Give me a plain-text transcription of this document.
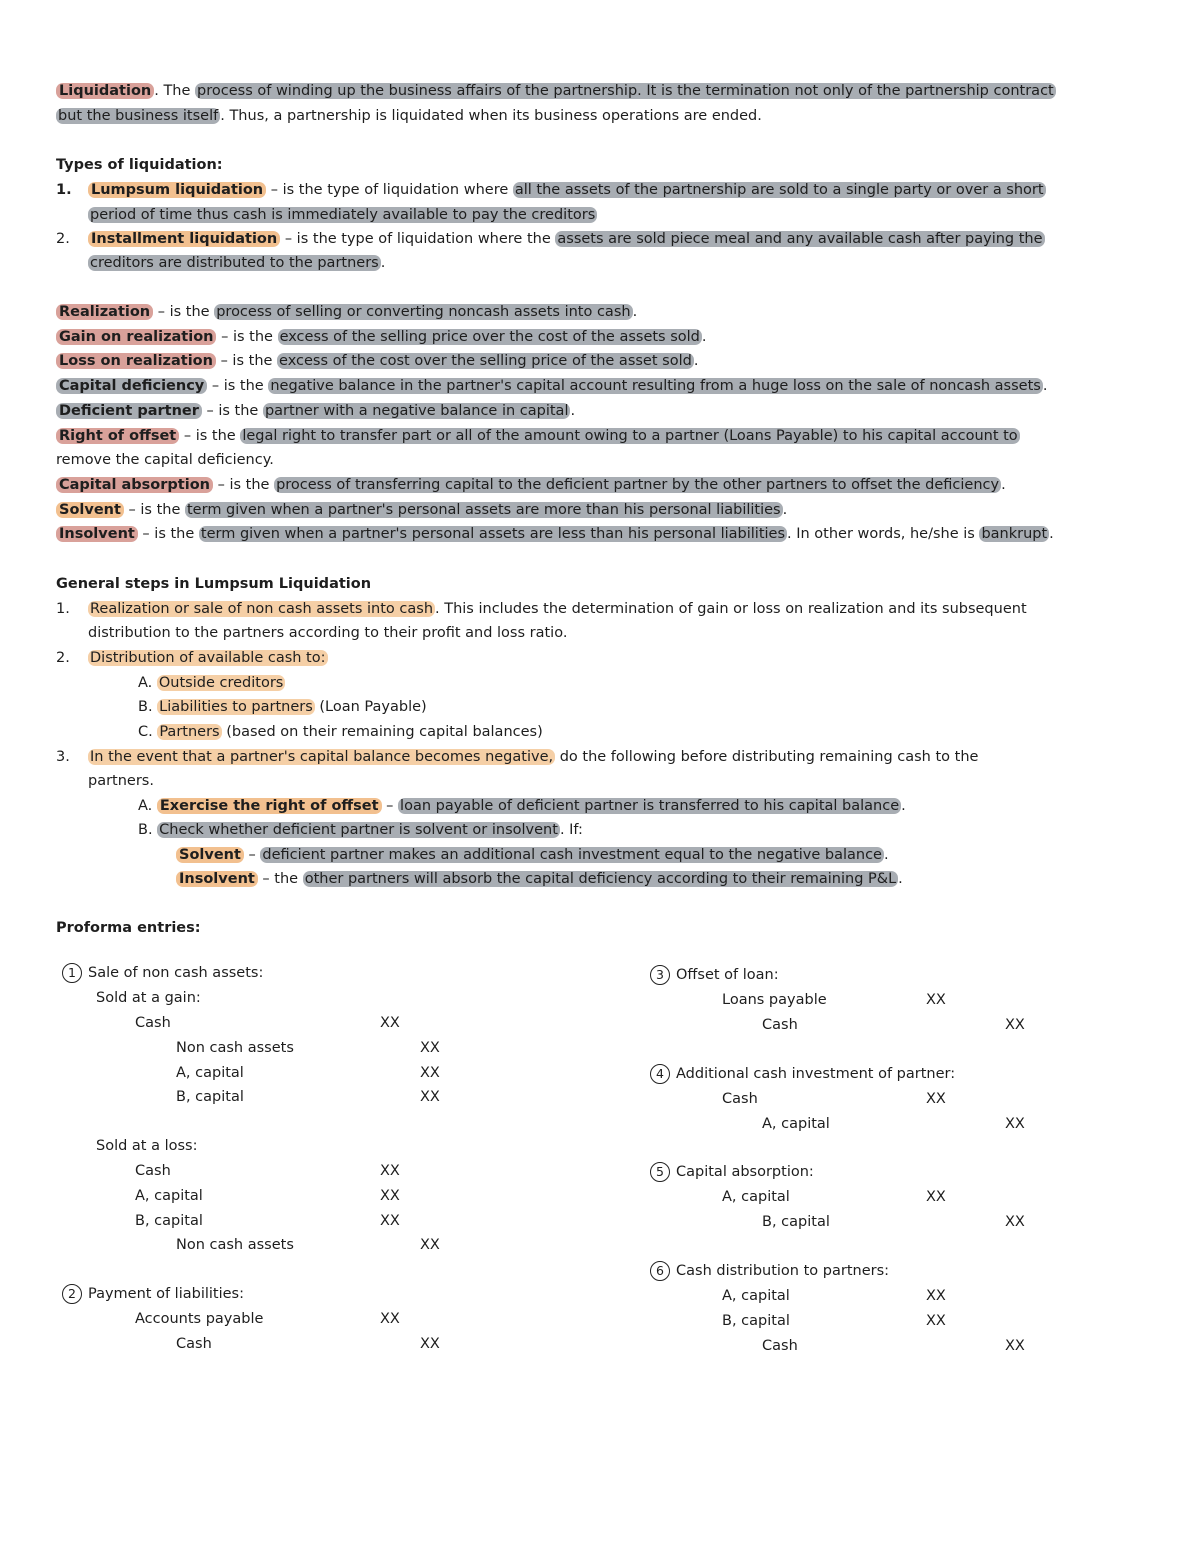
Liquidation . The process of winding up the business affairs of the partnership. It is the termination not only of the partnership contract
but the business itself . Thus, a partnership is liquidated when its business operations are ended.
Types of liquidation:
1. Lumpsum liquidation – is the type of liquidation where all the assets of the partnership are sold to a single party or over a short
period of time thus cash is immediately available to pay the creditors
2. Installment liquidation – is the type of liquidation where the assets are sold piece meal and any available cash after paying the
creditors are distributed to the partners .
Realization – is the process of selling or converting noncash assets into cash .
Gain on realization – is the excess of the selling price over the cost of the assets sold .
Loss on realization – is the excess of the cost over the selling price of the asset sold .
Capital deficiency – is the negative balance in the partner's capital account resulting from a huge loss on the sale of noncash assets .
Deficient partner – is the partner with a negative balance in capital .
Right of offset – is the legal right to transfer part or all of the amount owing to a partner (Loans Payable) to his capital account to
remove the capital deficiency.
Capital absorption – is the process of transferring capital to the deficient partner by the other partners to offset the deficiency .
Solvent – is the term given when a partner's personal assets are more than his personal liabilities .
Insolvent – is the term given when a partner's personal assets are less than his personal liabilities . In other words, he/she is bankrupt .
General steps in Lumpsum Liquidation
1. Realization or sale of non cash assets into cash . This includes the determination of gain or loss on realization and its subsequent
distribution to the partners according to their profit and loss ratio.
2. Distribution of available cash to:
A. Outside creditors
B. Liabilities to partners (Loan Payable)
C. Partners (based on their remaining capital balances)
3. In the event that a partner's capital balance becomes negative, do the following before distributing remaining cash to the
partners.
A. Exercise the right of offset – loan payable of deficient partner is transferred to his capital balance .
B. Check whether deficient partner is solvent or insolvent . If:
Solvent – deficient partner makes an additional cash investment equal to the negative balance .
Insolvent – the other partners will absorb the capital deficiency according to their remaining P&L .
Proforma entries:
1 Sale of non cash assets:
Sold at a gain:
Cash	XX
Non cash assets	XX
A, capital	XX
B, capital	XX
Sold at a loss:
Cash	XX
A, capital	XX
B, capital	XX
Non cash assets	XX
2 Payment of liabilities:
Accounts payable	XX
Cash	XX
3 Offset of loan:
Loans payable	XX
Cash	XX
4 Additional cash investment of partner:
Cash	XX
A, capital	XX
5 Capital absorption:
A, capital	XX
B, capital	XX
6 Cash distribution to partners:
A, capital	XX
B, capital	XX
Cash	XX
